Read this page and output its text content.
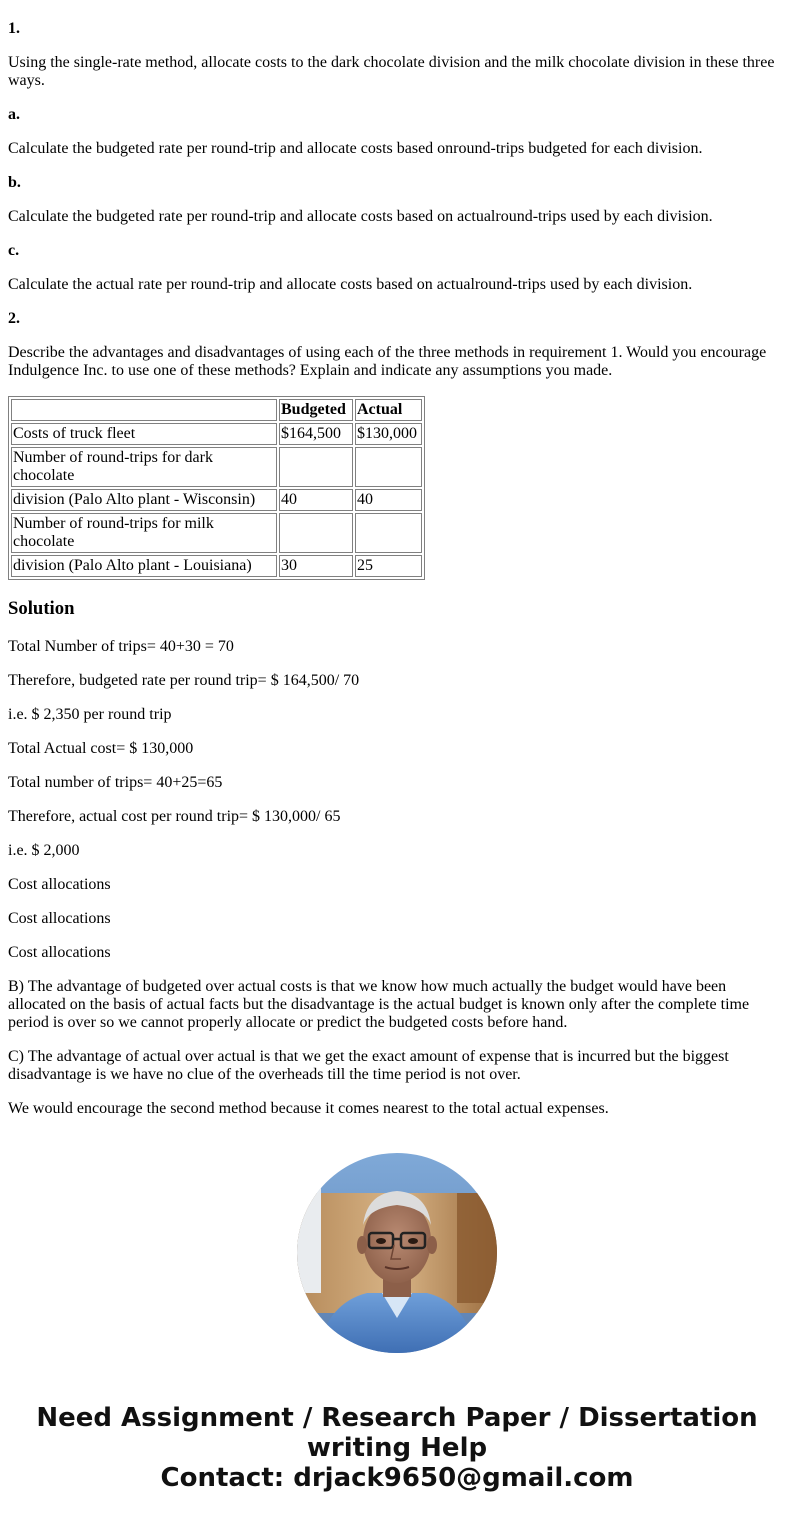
1.

Using the single-rate method, allocate costs to the dark chocolate division and the milk chocolate division in these three ways.

a.

Calculate the budgeted rate per round-trip and allocate costs based onround-trips budgeted for each division.

b.

Calculate the budgeted rate per round-trip and allocate costs based on actualround-trips used by each division.

c.

Calculate the actual rate per round-trip and allocate costs based on actualround-trips used by each division.

2.

Describe the advantages and disadvantages of using each of the three methods in requirement 1. Would you encourage Indulgence Inc. to use one of these methods? Explain and indicate any assumptions you made.

	Budgeted	Actual
Costs of truck fleet	$164,500	$130,000
Number of round-trips for dark chocolate		
division (Palo Alto plant - Wisconsin)	40	40
Number of round-trips for milk chocolate		
division (Palo Alto plant - Louisiana)	30	25
Solution

Total Number of trips= 40+30 = 70

Therefore, budgeted rate per round trip= $ 164,500/ 70

i.e. $ 2,350 per round trip

Total Actual cost= $ 130,000

Total number of trips= 40+25=65

Therefore, actual cost per round trip= $ 130,000/ 65

i.e. $ 2,000

Cost allocations

Cost allocations

Cost allocations

B) The advantage of budgeted over actual costs is that we know how much actually the budget would have been allocated on the basis of actual facts but the disadvantage is the actual budget is known only after the complete time period is over so we cannot properly allocate or predict the budgeted costs before hand.

C) The advantage of actual over actual is that we get the exact amount of expense that is incurred but the biggest disadvantage is we have no clue of the overheads till the time period is not over.

We would encourage the second method because it comes nearest to the total actual expenses.

Need Assignment / Research Paper / Dissertation
writing Help
Contact: drjack9650@gmail.com
